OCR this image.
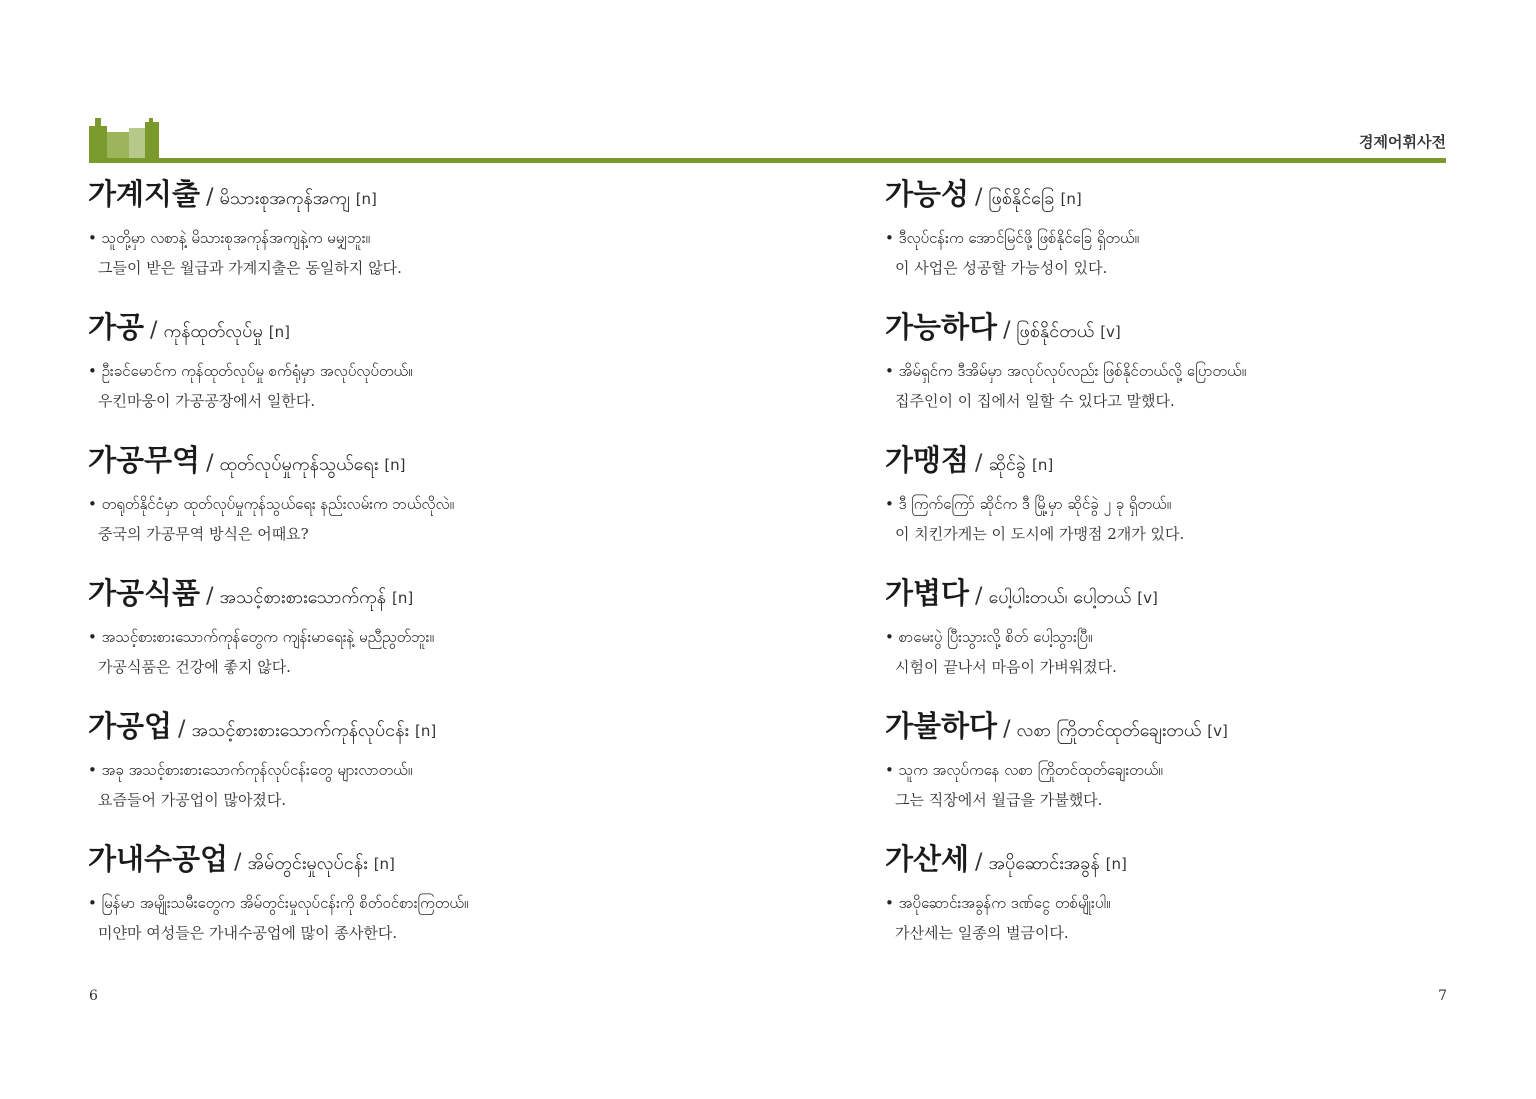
경제어휘사전
가계지출 / မိသားစုအကုန်အကျ [n]
• သူတို့မှာ လစာနဲ့ မိသားစုအကုန်အကျနဲ့က မမျှဘူး။
그들이 받은 월급과 가계지출은 동일하지 않다.
가공 / ကုန်ထုတ်လုပ်မှု [n]
• ဦးခင်မောင်က ကုန်ထုတ်လုပ်မှု စက်ရုံမှာ အလုပ်လုပ်တယ်။
우킨마웅이 가공공장에서 일한다.
가공무역 / ထုတ်လုပ်မှုကုန်သွယ်ရေး [n]
• တရုတ်နိုင်ငံမှာ ထုတ်လုပ်မှုကုန်သွယ်ရေး နည်းလမ်းက ဘယ်လိုလဲ။
중국의 가공무역 방식은 어때요?
가공식품 / အသင့်စားစားသောက်ကုန် [n]
• အသင့်စားစားသောက်ကုန်တွေက ကျန်းမာရေးနဲ့ မညီညွတ်ဘူး။
가공식품은 건강에 좋지 않다.
가공업 / အသင့်စားစားသောက်ကုန်လုပ်ငန်း [n]
• အခု အသင့်စားစားသောက်ကုန်လုပ်ငန်းတွေ များလာတယ်။
요즘들어 가공업이 많아졌다.
가내수공업 / အိမ်တွင်းမှုလုပ်ငန်း [n]
• မြန်မာ အမျိုးသမီးတွေက အိမ်တွင်းမှုလုပ်ငန်းကို စိတ်ဝင်စားကြတယ်။
미얀마 여성들은 가내수공업에 많이 종사한다.
가능성 / ဖြစ်နိုင်ခြေ [n]
• ဒီလုပ်ငန်းက အောင်မြင်ဖို့ ဖြစ်နိုင်ခြေ ရှိတယ်။
이 사업은 성공할 가능성이 있다.
가능하다 / ဖြစ်နိုင်တယ် [v]
• အိမ်ရှင်က ဒီအိမ်မှာ အလုပ်လုပ်လည်း ဖြစ်နိုင်တယ်လို့ ပြောတယ်။
집주인이 이 집에서 일할 수 있다고 말했다.
가맹점 / ဆိုင်ခွဲ [n]
• ဒီ ကြက်ကြော် ဆိုင်က ဒီ မြို့မှာ ဆိုင်ခွဲ ၂ ခု ရှိတယ်။
이 치킨가게는 이 도시에 가맹점 2개가 있다.
가볍다 / ပေါ့ပါးတယ်၊ ပေါ့တယ် [v]
• စာမေးပွဲ ပြီးသွားလို့ စိတ် ပေါ့သွားပြီ။
시험이 끝나서 마음이 가벼워졌다.
가불하다 / လစာ ကြိုတင်ထုတ်ချေးတယ် [v]
• သူက အလုပ်ကနေ လစာ ကြိုတင်ထုတ်ချေးတယ်။
그는 직장에서 월급을 가불했다.
가산세 / အပိုဆောင်းအခွန် [n]
• အပိုဆောင်းအခွန်က ဒဏ်ငွေ တစ်မျိုးပါ။
가산세는 일종의 벌금이다.
6	7
